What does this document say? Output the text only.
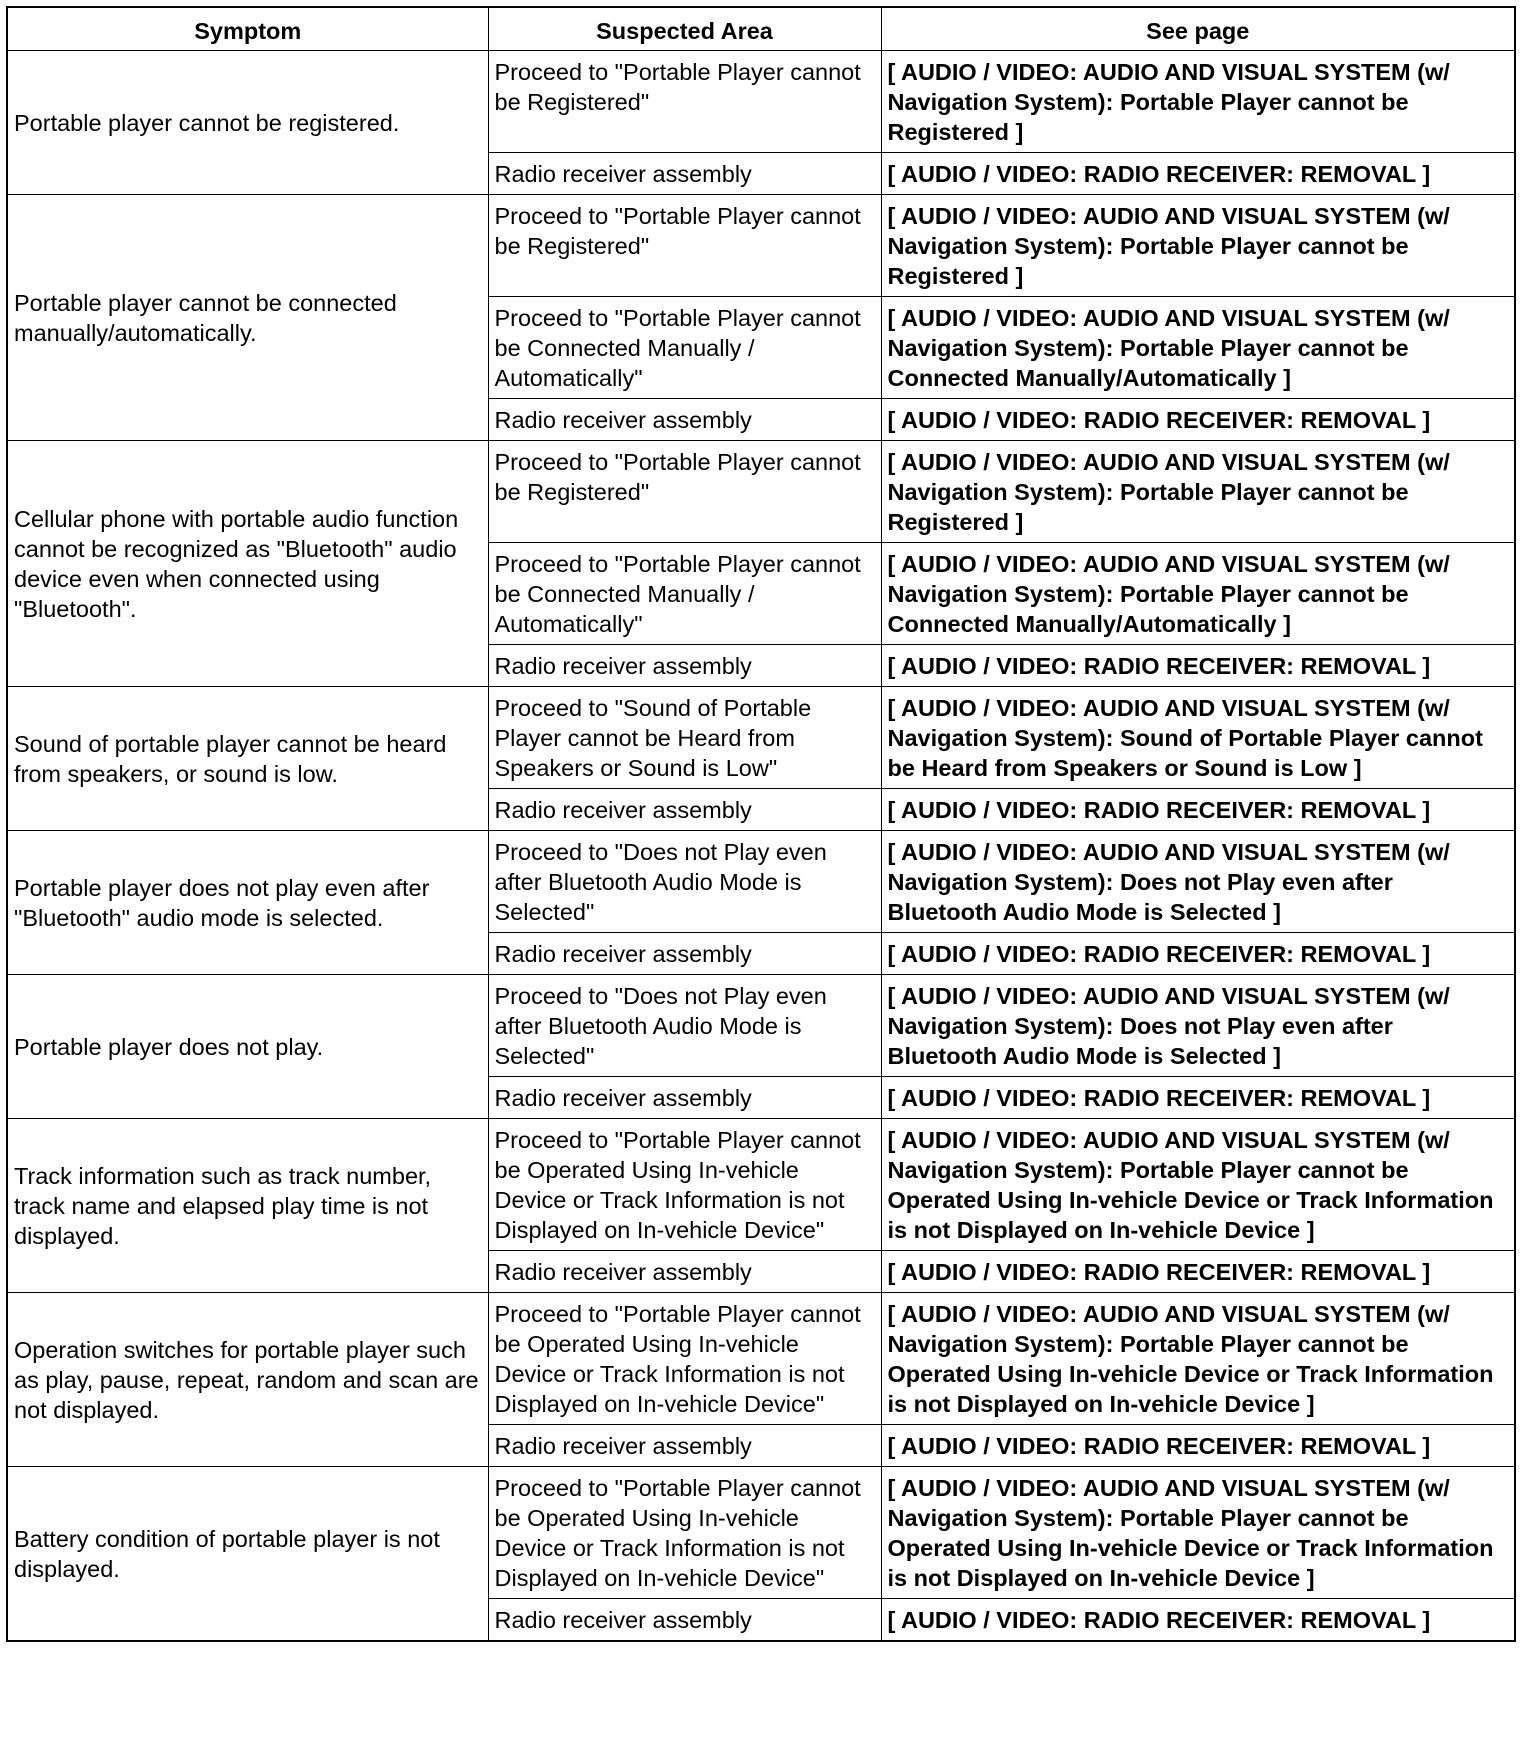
Symptom	Suspected Area	See page
Portable player cannot be registered.	Proceed to "Portable Player cannot be Registered"	[ AUDIO / VIDEO: AUDIO AND VISUAL SYSTEM (w/ Navigation System): Portable Player cannot be Registered ]
	Radio receiver assembly	[ AUDIO / VIDEO: RADIO RECEIVER: REMOVAL ]
Portable player cannot be connected manually/automatically.	Proceed to "Portable Player cannot be Registered"	[ AUDIO / VIDEO: AUDIO AND VISUAL SYSTEM (w/ Navigation System): Portable Player cannot be Registered ]
	Proceed to "Portable Player cannot be Connected Manually / Automatically"	[ AUDIO / VIDEO: AUDIO AND VISUAL SYSTEM (w/ Navigation System): Portable Player cannot be Connected Manually/Automatically ]
	Radio receiver assembly	[ AUDIO / VIDEO: RADIO RECEIVER: REMOVAL ]
Cellular phone with portable audio function cannot be recognized as "Bluetooth" audio device even when connected using "Bluetooth".	Proceed to "Portable Player cannot be Registered"	[ AUDIO / VIDEO: AUDIO AND VISUAL SYSTEM (w/ Navigation System): Portable Player cannot be Registered ]
	Proceed to "Portable Player cannot be Connected Manually / Automatically"	[ AUDIO / VIDEO: AUDIO AND VISUAL SYSTEM (w/ Navigation System): Portable Player cannot be Connected Manually/Automatically ]
	Radio receiver assembly	[ AUDIO / VIDEO: RADIO RECEIVER: REMOVAL ]
Sound of portable player cannot be heard from speakers, or sound is low.	Proceed to "Sound of Portable Player cannot be Heard from Speakers or Sound is Low"	[ AUDIO / VIDEO: AUDIO AND VISUAL SYSTEM (w/ Navigation System): Sound of Portable Player cannot be Heard from Speakers or Sound is Low ]
	Radio receiver assembly	[ AUDIO / VIDEO: RADIO RECEIVER: REMOVAL ]
Portable player does not play even after "Bluetooth" audio mode is selected.	Proceed to "Does not Play even after Bluetooth Audio Mode is Selected"	[ AUDIO / VIDEO: AUDIO AND VISUAL SYSTEM (w/ Navigation System): Does not Play even after Bluetooth Audio Mode is Selected ]
	Radio receiver assembly	[ AUDIO / VIDEO: RADIO RECEIVER: REMOVAL ]
Portable player does not play.	Proceed to "Does not Play even after Bluetooth Audio Mode is Selected"	[ AUDIO / VIDEO: AUDIO AND VISUAL SYSTEM (w/ Navigation System): Does not Play even after Bluetooth Audio Mode is Selected ]
	Radio receiver assembly	[ AUDIO / VIDEO: RADIO RECEIVER: REMOVAL ]
Track information such as track number, track name and elapsed play time is not displayed.	Proceed to "Portable Player cannot be Operated Using In-vehicle Device or Track Information is not Displayed on In-vehicle Device"	[ AUDIO / VIDEO: AUDIO AND VISUAL SYSTEM (w/ Navigation System): Portable Player cannot be Operated Using In-vehicle Device or Track Information is not Displayed on In-vehicle Device ]
	Radio receiver assembly	[ AUDIO / VIDEO: RADIO RECEIVER: REMOVAL ]
Operation switches for portable player such as play, pause, repeat, random and scan are not displayed.	Proceed to "Portable Player cannot be Operated Using In-vehicle Device or Track Information is not Displayed on In-vehicle Device"	[ AUDIO / VIDEO: AUDIO AND VISUAL SYSTEM (w/ Navigation System): Portable Player cannot be Operated Using In-vehicle Device or Track Information is not Displayed on In-vehicle Device ]
	Radio receiver assembly	[ AUDIO / VIDEO: RADIO RECEIVER: REMOVAL ]
Battery condition of portable player is not displayed.	Proceed to "Portable Player cannot be Operated Using In-vehicle Device or Track Information is not Displayed on In-vehicle Device"	[ AUDIO / VIDEO: AUDIO AND VISUAL SYSTEM (w/ Navigation System): Portable Player cannot be Operated Using In-vehicle Device or Track Information is not Displayed on In-vehicle Device ]
	Radio receiver assembly	[ AUDIO / VIDEO: RADIO RECEIVER: REMOVAL ]
